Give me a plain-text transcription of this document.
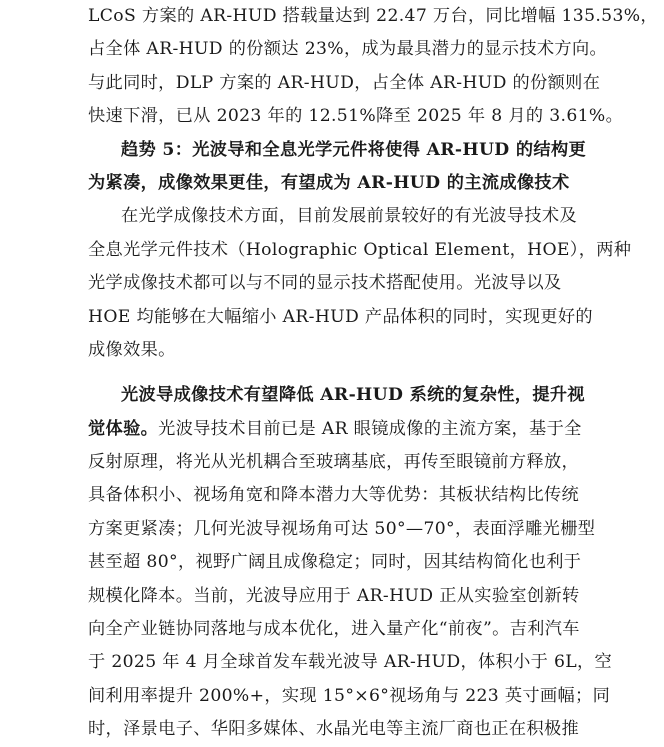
LCoS 方案的 AR-HUD 搭载量达到 22.47 万台，同比增幅 135.53%，
占全体 AR-HUD 的份额达 23%，成为最具潜力的显示技术方向。
与此同时，DLP 方案的 AR-HUD，占全体 AR-HUD 的份额则在
快速下滑，已从 2023 年的 12.51%降至 2025 年 8 月的 3.61%。
趋势 5：光波导和全息光学元件将使得 AR-HUD 的结构更
为紧凑，成像效果更佳，有望成为 AR-HUD 的主流成像技术
在光学成像技术方面，目前发展前景较好的有光波导技术及
全息光学元件技术（Holographic Optical Element，HOE），两种
光学成像技术都可以与不同的显示技术搭配使用。光波导以及
HOE 均能够在大幅缩小 AR-HUD 产品体积的同时，实现更好的
成像效果。
光波导成像技术有望降低 AR-HUD 系统的复杂性，提升视
觉体验。光波导技术目前已是 AR 眼镜成像的主流方案，基于全
反射原理，将光从光机耦合至玻璃基底，再传至眼镜前方释放，
具备体积小、视场角宽和降本潜力大等优势：其板状结构比传统
方案更紧凑；几何光波导视场角可达 50°—70°，表面浮雕光栅型
甚至超 80°，视野广阔且成像稳定；同时，因其结构简化也利于
规模化降本。当前，光波导应用于 AR-HUD 正从实验室创新转
向全产业链协同落地与成本优化，进入量产化“前夜”。吉利汽车
于 2025 年 4 月全球首发车载光波导 AR-HUD，体积小于 6L，空
间利用率提升 200%+，实现 15°×6°视场角与 223 英寸画幅；同
时，泽景电子、华阳多媒体、水晶光电等主流厂商也正在积极推
